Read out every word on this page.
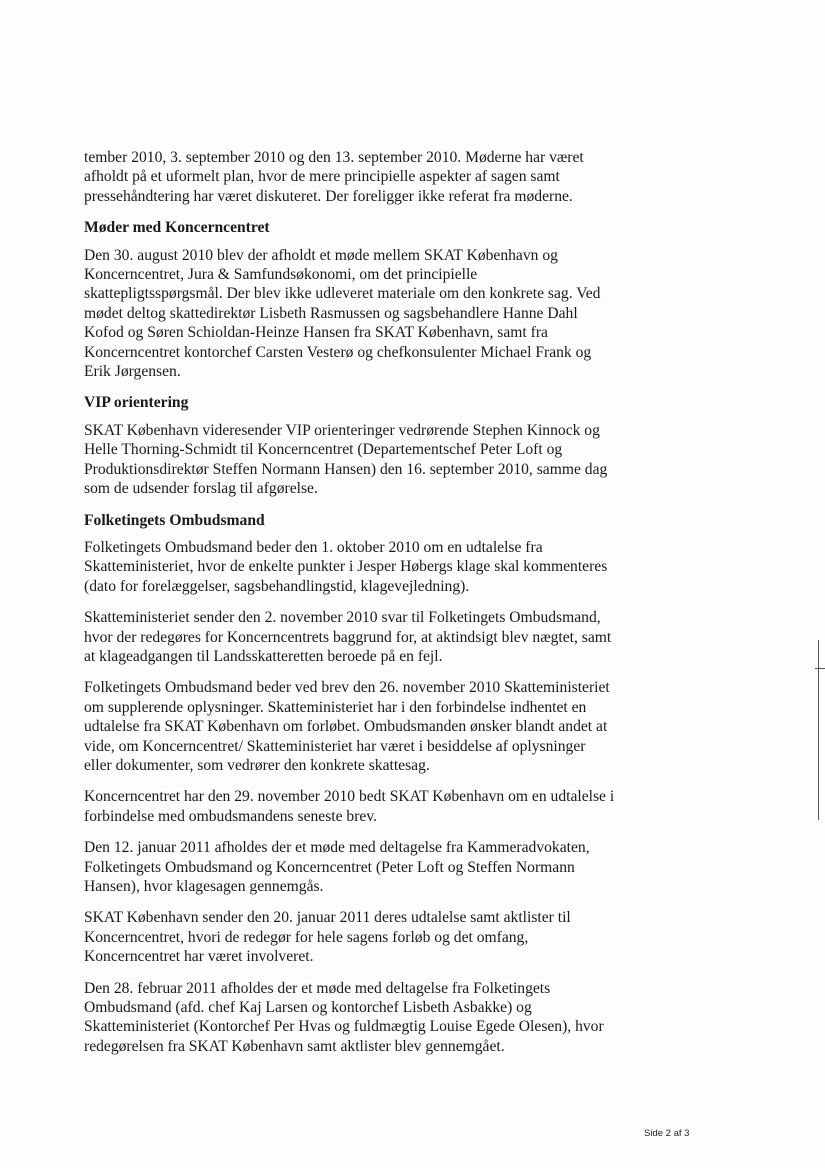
tember 2010, 3. september 2010 og den 13. september 2010. Møderne har været afholdt på et uformelt plan, hvor de mere principielle aspekter af sagen samt pressehåndtering har været diskuteret. Der foreligger ikke referat fra møderne.

Møder med Koncerncentret

Den 30. august 2010 blev der afholdt et møde mellem SKAT København og Koncerncentret, Jura & Samfundsøkonomi, om det principielle skattepligtsspørgsmål. Der blev ikke udleveret materiale om den konkrete sag. Ved mødet deltog skattedirektør Lisbeth Rasmussen og sagsbehandlere Hanne Dahl Kofod og Søren Schioldan-Heinze Hansen fra SKAT København, samt fra Koncerncentret kontorchef Carsten Vesterø og chefkonsulenter Michael Frank og Erik Jørgensen.

VIP orientering

SKAT København videresender VIP orienteringer vedrørende Stephen Kinnock og Helle Thorning-Schmidt til Koncerncentret (Departementschef Peter Loft og Produktionsdirektør Steffen Normann Hansen) den 16. september 2010, samme dag som de udsender forslag til afgørelse.

Folketingets Ombudsmand

Folketingets Ombudsmand beder den 1. oktober 2010 om en udtalelse fra Skatteministeriet, hvor de enkelte punkter i Jesper Høbergs klage skal kommenteres (dato for forelæggelser, sagsbehandlingstid, klagevejledning).

Skatteministeriet sender den 2. november 2010 svar til Folketingets Ombudsmand, hvor der redegøres for Koncerncentrets baggrund for, at aktindsigt blev nægtet, samt at klageadgangen til Landsskatteretten beroede på en fejl.

Folketingets Ombudsmand beder ved brev den 26. november 2010 Skatteministeriet om supplerende oplysninger. Skatteministeriet har i den forbindelse indhentet en udtalelse fra SKAT København om forløbet. Ombudsmanden ønsker blandt andet at vide, om Koncerncentret/ Skatteministeriet har været i besiddelse af oplysninger eller dokumenter, som vedrører den konkrete skattesag.

Koncerncentret har den 29. november 2010 bedt SKAT København om en udtalelse i forbindelse med ombudsmandens seneste brev.

Den 12. januar 2011 afholdes der et møde med deltagelse fra Kammeradvokaten, Folketingets Ombudsmand og Koncerncentret (Peter Loft og Steffen Normann Hansen), hvor klagesagen gennemgås.

SKAT København sender den 20. januar 2011 deres udtalelse samt aktlister til Koncerncentret, hvori de redegør for hele sagens forløb og det omfang, Koncerncentret har været involveret.

Den 28. februar 2011 afholdes der et møde med deltagelse fra Folketingets Ombudsmand (afd. chef Kaj Larsen og kontorchef Lisbeth Asbakke) og Skatteministeriet (Kontorchef Per Hvas og fuldmægtig Louise Egede Olesen), hvor redegørelsen fra SKAT København samt aktlister blev gennemgået.

Side 2 af 3
